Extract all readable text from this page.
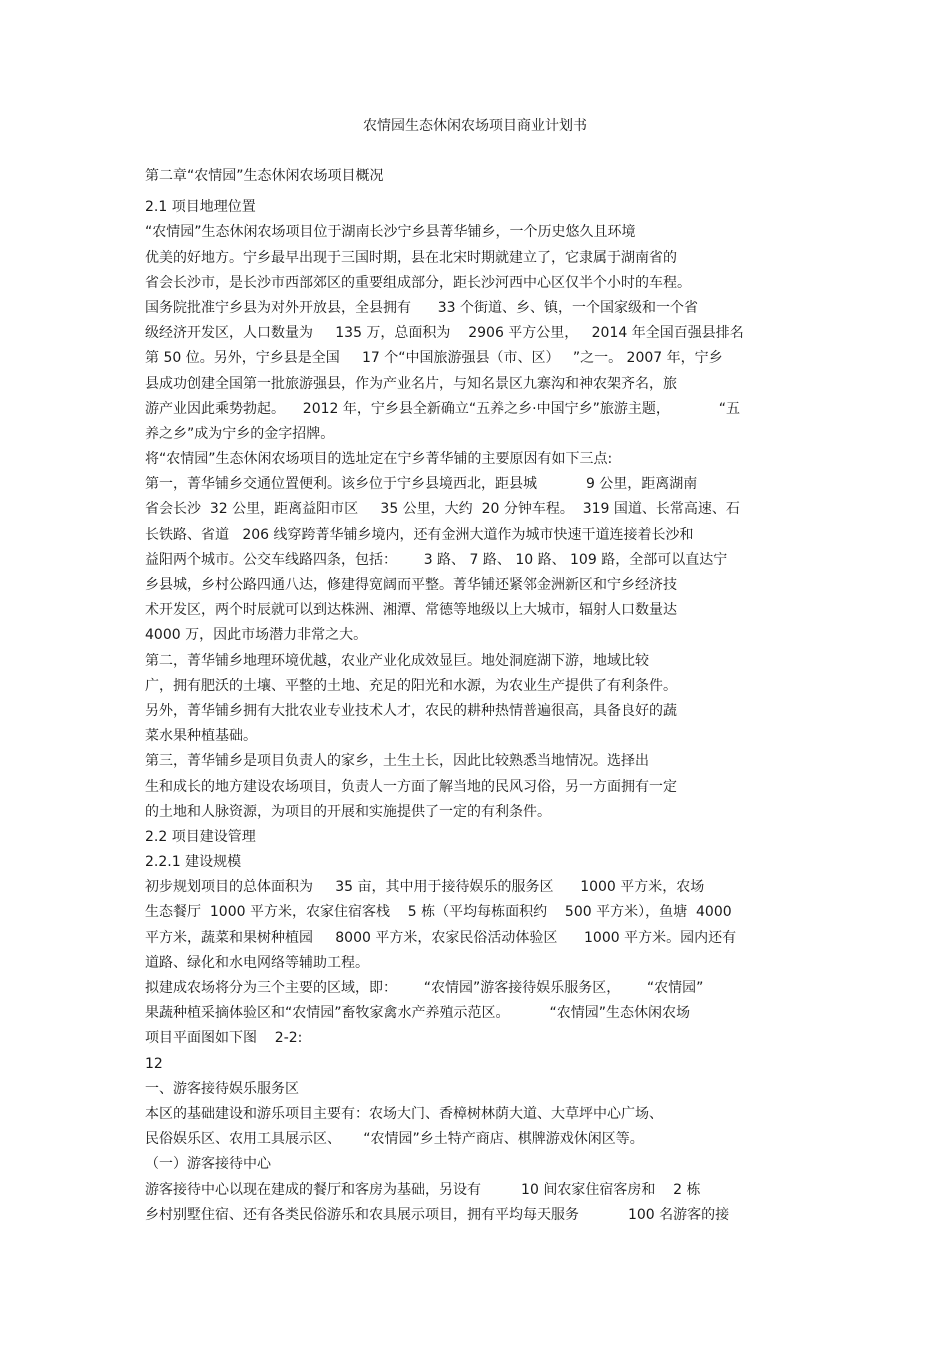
农情园生态休闲农场项目商业计划书
第二章“农情园”生态休闲农场项目概况
2.1 项目地理位置
“农情园”生态休闲农场项目位于湖南长沙宁乡县菁华铺乡，一个历史悠久且环境
优美的好地方。宁乡最早出现于三国时期，县在北宋时期就建立了，它隶属于湖南省的
省会长沙市，是长沙市西部郊区的重要组成部分，距长沙河西中心区仅半个小时的车程。
国务院批准宁乡县为对外开放县，全县拥有      33 个街道、乡、镇，一个国家级和一个省
级经济开发区，人口数量为     135 万，总面积为    2906 平方公里，   2014 年全国百强县排名
第 50 位。另外，宁乡县是全国     17 个“中国旅游强县（市、区）   ”之一。 2007 年，宁乡
县成功创建全国第一批旅游强县，作为产业名片，与知名景区九寨沟和神农架齐名，旅
游产业因此乘势勃起。    2012 年，宁乡县全新确立“五养之乡·中国宁乡”旅游主题，           “五
养之乡”成为宁乡的金字招牌。
将“农情园”生态休闲农场项目的选址定在宁乡菁华铺的主要原因有如下三点:
第一，菁华铺乡交通位置便利。该乡位于宁乡县境西北，距县城           9 公里，距离湖南
省会长沙  32 公里，距离益阳市区     35 公里，大约  20 分钟车程。  319 国道、长常高速、石
长铁路、省道   206 线穿跨菁华铺乡境内，还有金洲大道作为城市快速干道连接着长沙和
益阳两个城市。公交车线路四条，包括：      3 路、 7 路、 10 路、 109 路，全部可以直达宁
乡县城，乡村公路四通八达，修建得宽阔而平整。菁华铺还紧邻金洲新区和宁乡经济技
术开发区，两个时辰就可以到达株洲、湘潭、常德等地级以上大城市，辐射人口数量达
4000 万，因此市场潜力非常之大。
第二，菁华铺乡地理环境优越，农业产业化成效显巨。地处洞庭湖下游，地域比较
广，拥有肥沃的土壤、平整的土地、充足的阳光和水源，为农业生产提供了有利条件。
另外，菁华铺乡拥有大批农业专业技术人才，农民的耕种热情普遍很高，具备良好的蔬
菜水果种植基础。
第三，菁华铺乡是项目负责人的家乡，土生土长，因此比较熟悉当地情况。选择出
生和成长的地方建设农场项目，负责人一方面了解当地的民风习俗，另一方面拥有一定
的土地和人脉资源，为项目的开展和实施提供了一定的有利条件。
2.2 项目建设管理
2.2.1 建设规模
初步规划项目的总体面积为     35 亩，其中用于接待娱乐的服务区      1000 平方米，农场
生态餐厅  1000 平方米，农家住宿客栈    5 栋（平均每栋面积约    500 平方米），鱼塘  4000
平方米，蔬菜和果树种植园     8000 平方米，农家民俗活动体验区      1000 平方米。园内还有
道路、绿化和水电网络等辅助工程。
拟建成农场将分为三个主要的区域，即：      “农情园”游客接待娱乐服务区，      “农情园”
果蔬种植采摘体验区和“农情园”畜牧家禽水产养殖示范区。         “农情园”生态休闲农场
项目平面图如下图    2-2:
12
一、游客接待娱乐服务区
本区的基础建设和游乐项目主要有：农场大门、香樟树林荫大道、大草坪中心广场、
民俗娱乐区、农用工具展示区、     “农情园”乡土特产商店、棋牌游戏休闲区等。
（一）游客接待中心
游客接待中心以现在建成的餐厅和客房为基础，另设有         10 间农家住宿客房和    2 栋
乡村别墅住宿、还有各类民俗游乐和农具展示项目，拥有平均每天服务           100 名游客的接
